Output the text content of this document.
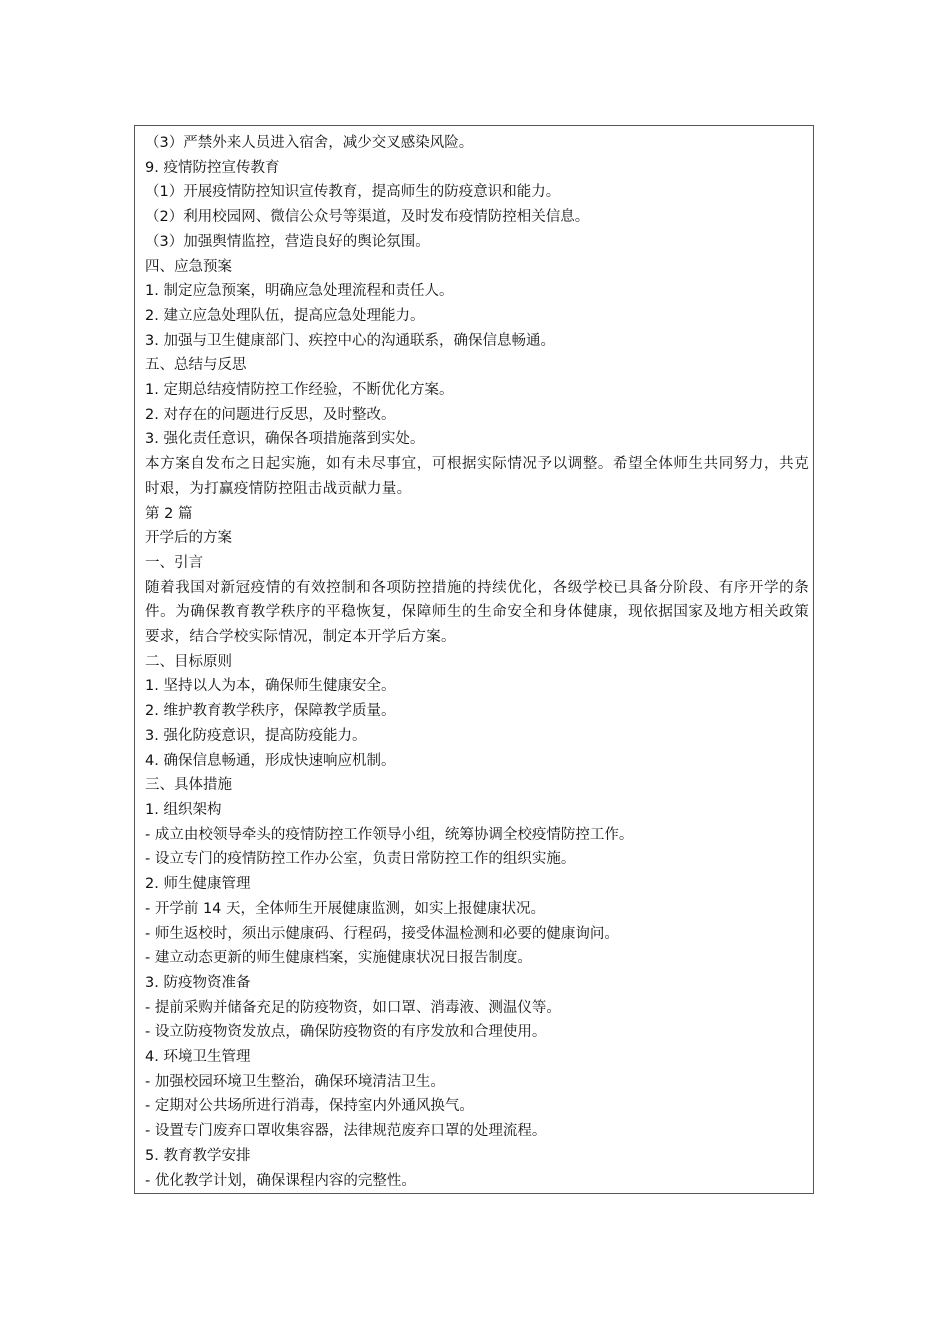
（3）严禁外来人员进入宿舍，减少交叉感染风险。
9. 疫情防控宣传教育
（1）开展疫情防控知识宣传教育，提高师生的防疫意识和能力。
（2）利用校园网、微信公众号等渠道，及时发布疫情防控相关信息。
（3）加强舆情监控，营造良好的舆论氛围。
四、应急预案
1. 制定应急预案，明确应急处理流程和责任人。
2. 建立应急处理队伍，提高应急处理能力。
3. 加强与卫生健康部门、疾控中心的沟通联系，确保信息畅通。
五、总结与反思
1. 定期总结疫情防控工作经验，不断优化方案。
2. 对存在的问题进行反思，及时整改。
3. 强化责任意识，确保各项措施落到实处。
本方案自发布之日起实施，如有未尽事宜，可根据实际情况予以调整。希望全体师生共同努力，共克时艰，为打赢疫情防控阻击战贡献力量。
第 2 篇
开学后的方案
一、引言
随着我国对新冠疫情的有效控制和各项防控措施的持续优化，各级学校已具备分阶段、有序开学的条件。为确保教育教学秩序的平稳恢复，保障师生的生命安全和身体健康，现依据国家及地方相关政策要求，结合学校实际情况，制定本开学后方案。
二、目标原则
1. 坚持以人为本，确保师生健康安全。
2. 维护教育教学秩序，保障教学质量。
3. 强化防疫意识，提高防疫能力。
4. 确保信息畅通，形成快速响应机制。
三、具体措施
1. 组织架构
- 成立由校领导牵头的疫情防控工作领导小组，统筹协调全校疫情防控工作。
- 设立专门的疫情防控工作办公室，负责日常防控工作的组织实施。
2. 师生健康管理
- 开学前 14 天，全体师生开展健康监测，如实上报健康状况。
- 师生返校时，须出示健康码、行程码，接受体温检测和必要的健康询问。
- 建立动态更新的师生健康档案，实施健康状况日报告制度。
3. 防疫物资准备
- 提前采购并储备充足的防疫物资，如口罩、消毒液、测温仪等。
- 设立防疫物资发放点，确保防疫物资的有序发放和合理使用。
4. 环境卫生管理
- 加强校园环境卫生整治，确保环境清洁卫生。
- 定期对公共场所进行消毒，保持室内外通风换气。
- 设置专门废弃口罩收集容器，法律规范废弃口罩的处理流程。
5. 教育教学安排
- 优化教学计划，确保课程内容的完整性。
